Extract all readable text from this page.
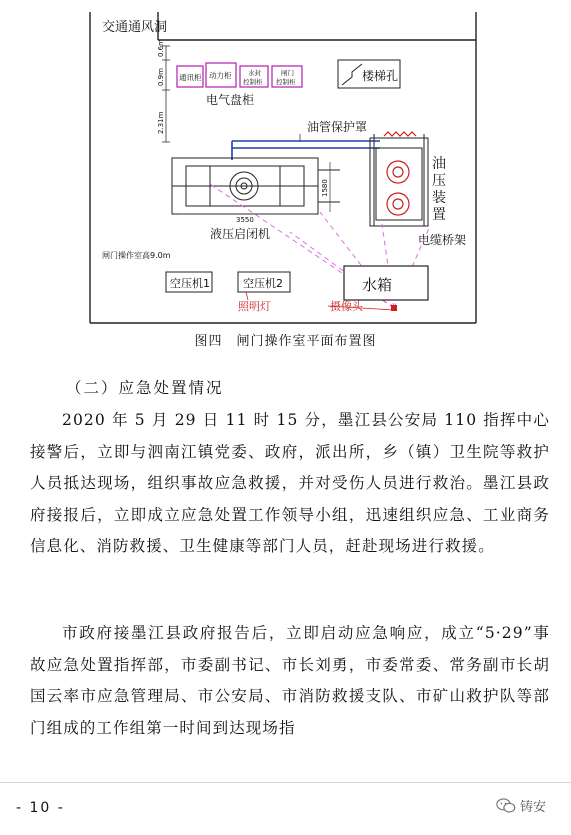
交通通风洞
0.6m
0.9m
2.31m
通讯柜 动力柜	水封
控制柜
闸门
控制柜
电气盘柜
楼梯孔
油管保护罩
3550
1580
液压启闭机
油 压 装 置
电缆桥架
闸门操作室高9.0m
水箱
空压机1	空压机2
照明灯	摄像头
图四　闸门操作室平面布置图
（二）应急处置情况

2020 年 5 月 29 日 11 时 15 分，墨江县公安局 110 指挥中心接警后，立即与泗南江镇党委、政府，派出所，乡（镇）卫生院等救护人员抵达现场，组织事故应急救援，并对受伤人员进行救治。墨江县政府接报后，立即成立应急处置工作领导小组，迅速组织应急、工业商务信息化、消防救援、卫生健康等部门人员，赶赴现场进行救援。

市政府接墨江县政府报告后，立即启动应急响应，成立“5·29”事故应急处置指挥部，市委副书记、市长刘勇，市委常委、常务副市长胡国云率市应急管理局、市公安局、市消防救援支队、市矿山救护队等部门组成的工作组第一时间到达现场指

- 10 -	铸安
